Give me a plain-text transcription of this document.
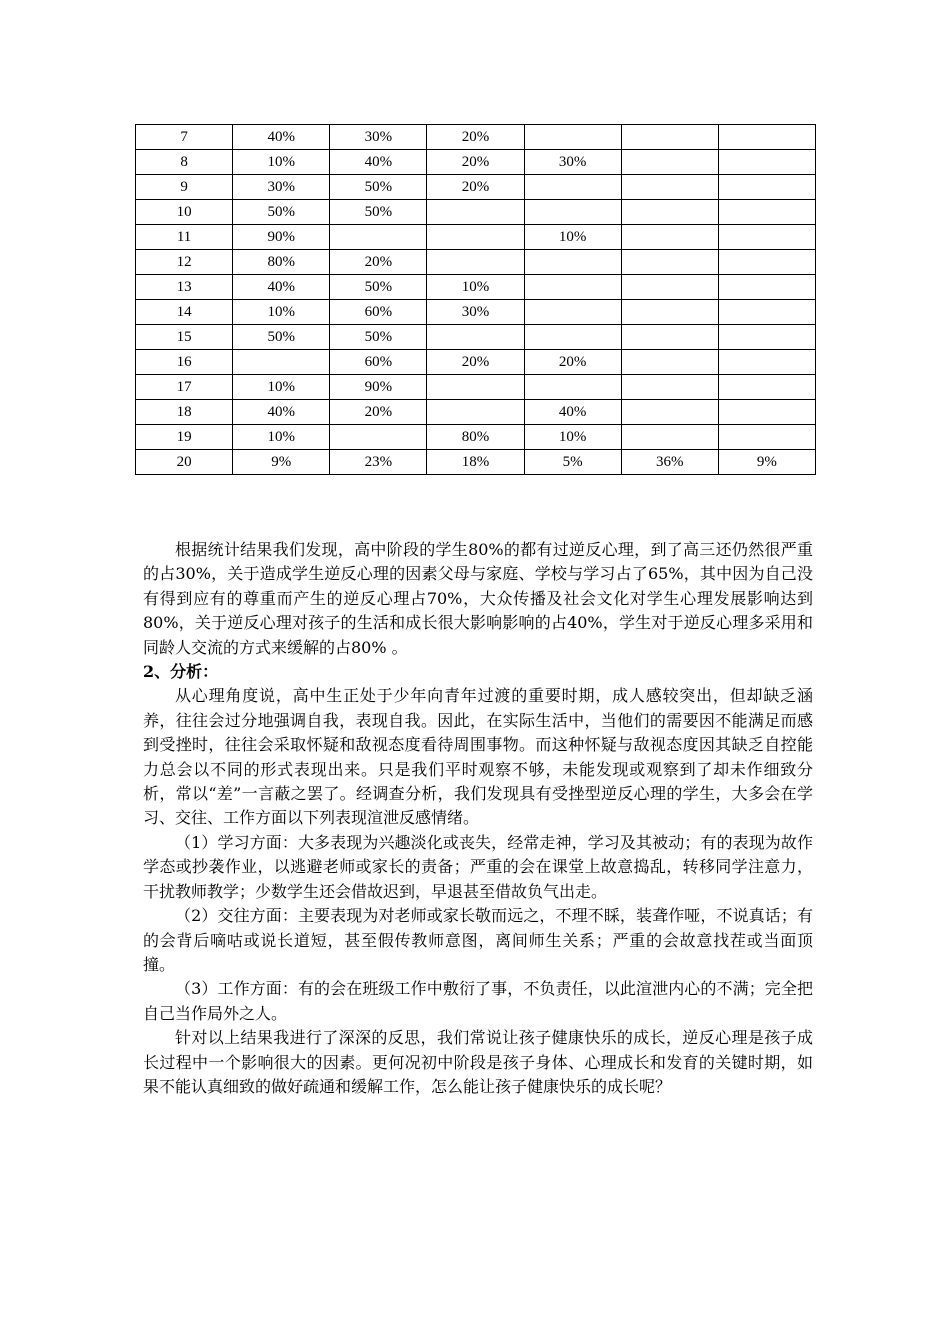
7	40%	30%	20%			
8	10%	40%	20%	30%		
9	30%	50%	20%			
10	50%	50%				
11	90%			10%		
12	80%	20%				
13	40%	50%	10%			
14	10%	60%	30%			
15	50%	50%				
16		60%	20%	20%		
17	10%	90%				
18	40%	20%		40%		
19	10%		80%	10%		
20	9%	23%	18%	5%	36%	9%

根据统计结果我们发现，高中阶段的学生80%的都有过逆反心理，到了高三还仍然很严重的占30%，关于造成学生逆反心理的因素父母与家庭、学校与学习占了65%，其中因为自己没有得到应有的尊重而产生的逆反心理占70%，大众传播及社会文化对学生心理发展影响达到80%，关于逆反心理对孩子的生活和成长很大影响影响的占40%，学生对于逆反心理多采用和同龄人交流的方式来缓解的占80% 。

2、分析：

从心理角度说，高中生正处于少年向青年过渡的重要时期，成人感较突出，但却缺乏涵养，往往会过分地强调自我，表现自我。因此，在实际生活中，当他们的需要因不能满足而感到受挫时，往往会采取怀疑和敌视态度看待周围事物。而这种怀疑与敌视态度因其缺乏自控能力总会以不同的形式表现出来。只是我们平时观察不够，未能发现或观察到了却未作细致分析，常以“差”一言蔽之罢了。经调查分析，我们发现具有受挫型逆反心理的学生，大多会在学习、交往、工作方面以下列表现渲泄反感情绪。

（1）学习方面：大多表现为兴趣淡化或丧失，经常走神，学习及其被动；有的表现为故作学态或抄袭作业，以逃避老师或家长的责备；严重的会在课堂上故意捣乱，转移同学注意力，干扰教师教学；少数学生还会借故迟到，早退甚至借故负气出走。

（2）交往方面：主要表现为对老师或家长敬而远之，不理不睬，装聋作哑，不说真话；有的会背后嘀咕或说长道短，甚至假传教师意图，离间师生关系；严重的会故意找茬或当面顶撞。

（3）工作方面：有的会在班级工作中敷衍了事，不负责任，以此渲泄内心的不满；完全把自己当作局外之人。

针对以上结果我进行了深深的反思，我们常说让孩子健康快乐的成长，逆反心理是孩子成长过程中一个影响很大的因素。更何况初中阶段是孩子身体、心理成长和发育的关键时期，如果不能认真细致的做好疏通和缓解工作，怎么能让孩子健康快乐的成长呢？
